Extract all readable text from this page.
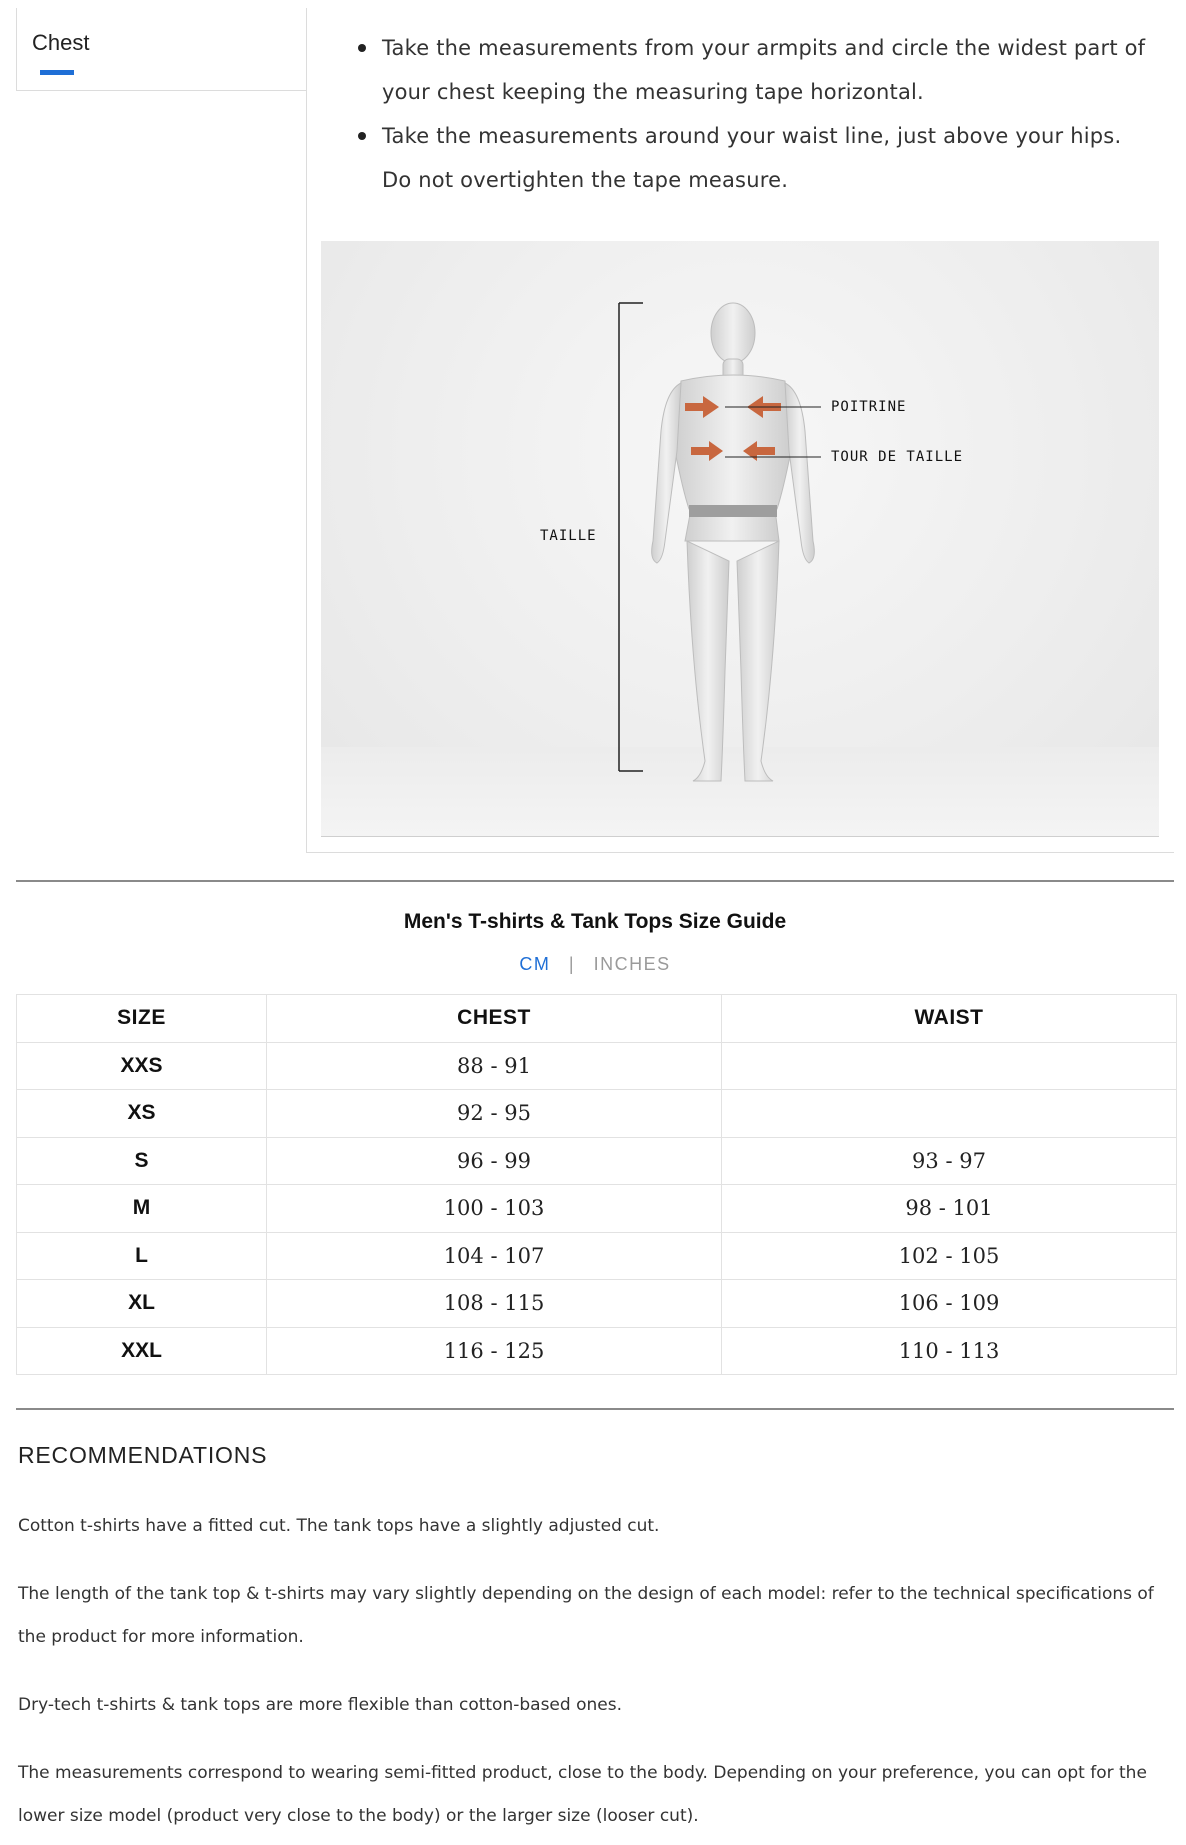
Chest	Take the measurements from your armpits and circle the widest part of your chest keeping the measuring tape horizontal.
Take the measurements around your waist line, just above your hips. Do not overtighten the tape measure.
POITRINE
TOUR DE TAILLE
TAILLE
Men's T-shirts & Tank Tops Size Guide
CM | INCHES
SIZE	CHEST	WAIST
XXS	88 - 91	
XS	92 - 95	
S	96 - 99	93 - 97
M	100 - 103	98 - 101
L	104 - 107	102 - 105
XL	108 - 115	106 - 109
XXL	116 - 125	110 - 113
RECOMMENDATIONS

Cotton t-shirts have a fitted cut. The tank tops have a slightly adjusted cut.

The length of the tank top & t-shirts may vary slightly depending on the design of each model: refer to the technical specifications of the product for more information.

Dry-tech t-shirts & tank tops are more flexible than cotton-based ones.

The measurements correspond to wearing semi-fitted product, close to the body. Depending on your preference, you can opt for the lower size model (product very close to the body) or the larger size (looser cut).
